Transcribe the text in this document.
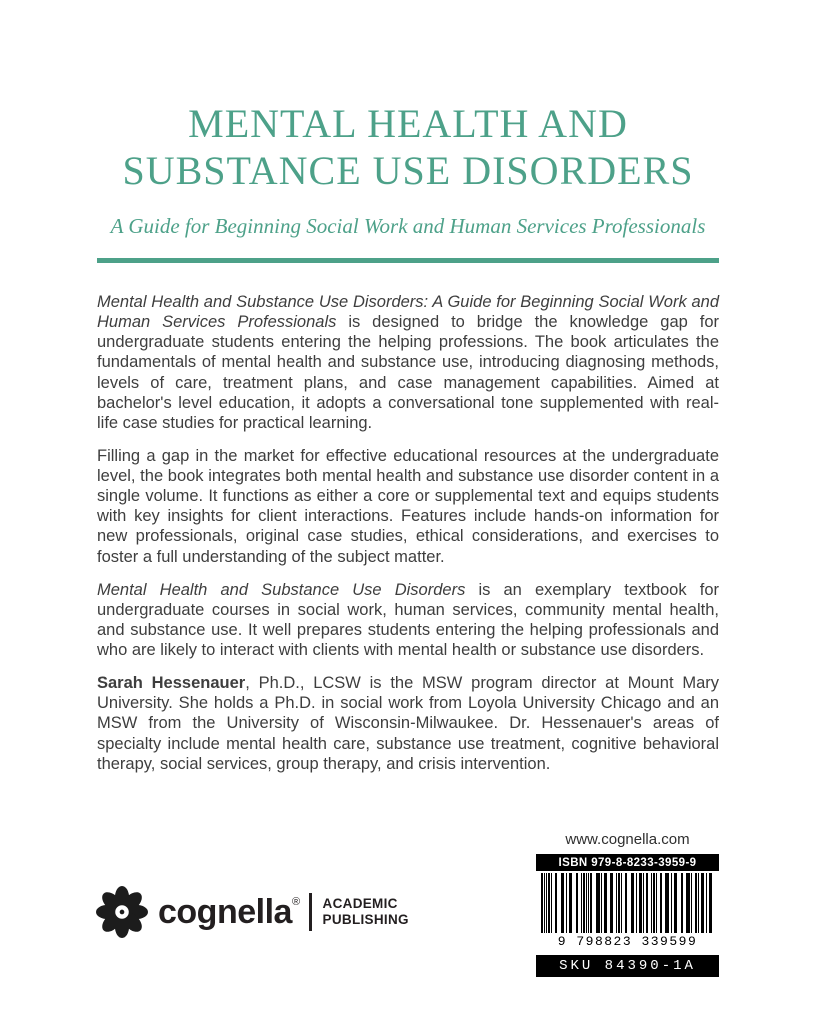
MENTAL HEALTH AND
SUBSTANCE USE DISORDERS
A Guide for Beginning Social Work and Human Services Professionals

Mental Health and Substance Use Disorders: A Guide for Beginning Social Work and Human Services Professionals is designed to bridge the knowledge gap for undergraduate students entering the helping professions. The book articulates the fundamentals of mental health and substance use, introducing diagnosing methods, levels of care, treatment plans, and case management capabilities. Aimed at bachelor's level education, it adopts a conversational tone supplemented with real-life case studies for practical learning.

Filling a gap in the market for effective educational resources at the undergraduate level, the book integrates both mental health and substance use disorder content in a single volume. It functions as either a core or supplemental text and equips students with key insights for client interactions. Features include hands-on information for new professionals, original case studies, ethical considerations, and exercises to foster a full understanding of the subject matter.

Mental Health and Substance Use Disorders is an exemplary textbook for undergraduate courses in social work, human services, community mental health, and substance use. It well prepares students entering the helping professionals and who are likely to interact with clients with mental health or substance use disorders.

Sarah Hessenauer, Ph.D., LCSW is the MSW program director at Mount Mary University. She holds a Ph.D. in social work from Loyola University Chicago and an MSW from the University of Wisconsin-Milwaukee. Dr. Hessenauer's areas of specialty include mental health care, substance use treatment, cognitive behavioral therapy, social services, group therapy, and crisis intervention.

www.cognella.com
ISBN 979-8-8233-3959-9
9 798823 339599
SKU 84390-1A
cognella® ACADEMIC
PUBLISHING
